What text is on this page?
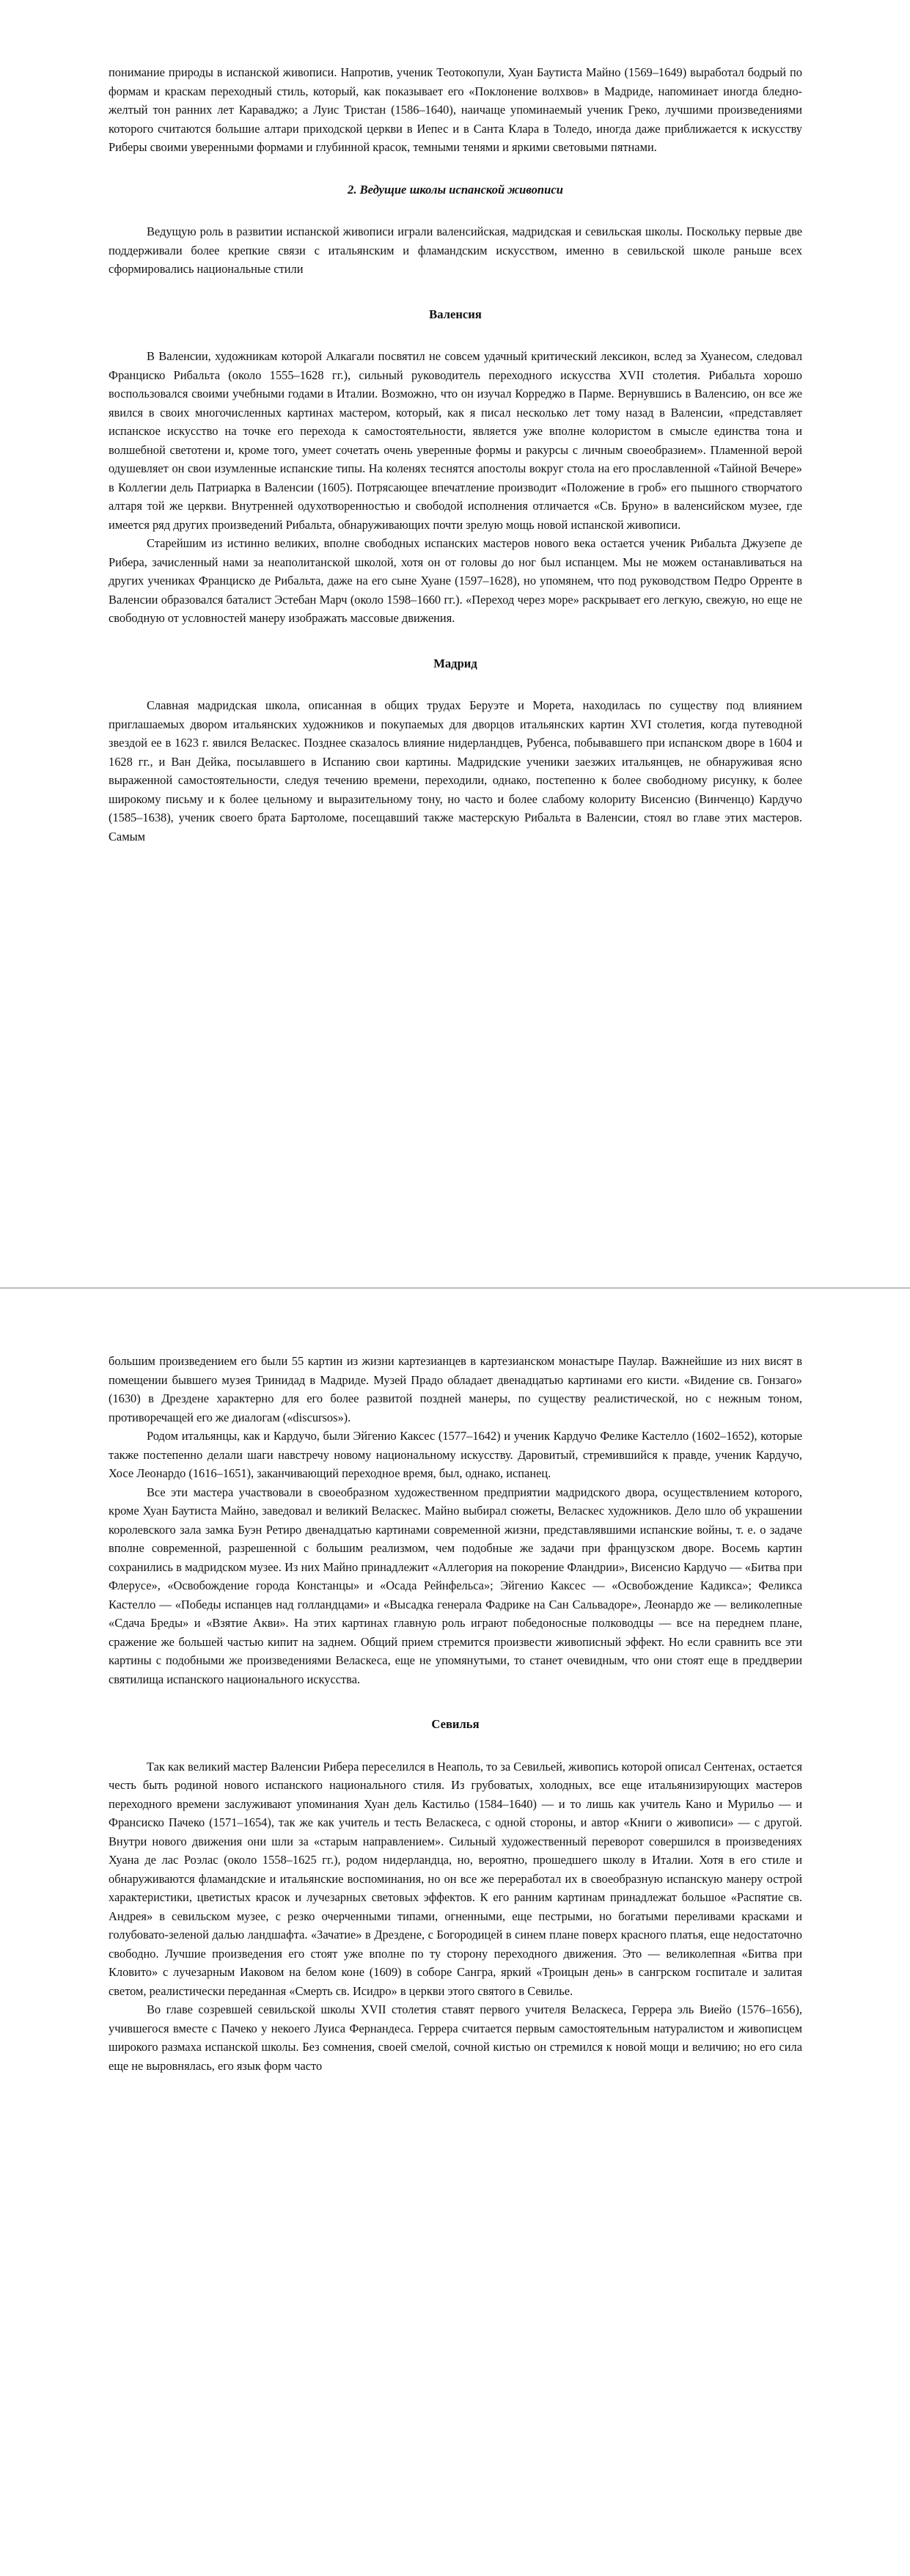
понимание природы в испанской живописи. Напротив, ученик Теотокопули, Хуан Баутиста Майно (1569–1649) выработал бодрый по формам и краскам переходный стиль, который, как показывает его «Поклонение волхвов» в Мадриде, напоминает иногда бледно-желтый тон ранних лет Караваджо; а Луис Тристан (1586–1640), наичаще упоминаемый ученик Греко, лучшими произведениями которого считаются большие алтари приходской церкви в Иепес и в Санта Клара в Толедо, иногда даже приближается к искусству Риберы своими уверенными формами и глубинной красок, темными тенями и яркими световыми пятнами.

2. Ведущие школы испанской живописи

Ведущую роль в развитии испанской живописи играли валенсийская, мадридская и севильская школы. Поскольку первые две поддерживали более крепкие связи с итальянским и фламандским искусством, именно в севильской школе раньше всех сформировались национальные стили

Валенсия

В Валенсии, художникам которой Алкагали посвятил не совсем удачный критический лексикон, вслед за Хуанесом, следовал Франциско Рибальта (около 1555–1628 гг.), сильный руководитель переходного искусства XVII столетия. Рибальта хорошо воспользовался своими учебными годами в Италии. Возможно, что он изучал Корреджо в Парме. Вернувшись в Валенсию, он все же явился в своих многочисленных картинах мастером, который, как я писал несколько лет тому назад в Валенсии, «представляет испанское искусство на точке его перехода к самостоятельности, является уже вполне колористом в смысле единства тона и волшебной светотени и, кроме того, умеет сочетать очень уверенные формы и ракурсы с личным своеобразием». Пламенной верой одушевляет он свои изумленные испанские типы. На коленях теснятся апостолы вокруг стола на его прославленной «Тайной Вечере» в Коллегии дель Патриарка в Валенсии (1605). Потрясающее впечатление производит «Положение в гроб» его пышного створчатого алтаря той же церкви. Внутренней одухотворенностью и свободой исполнения отличается «Св. Бруно» в валенсийском музее, где имеется ряд других произведений Рибальта, обнаруживающих почти зрелую мощь новой испанской живописи.

Старейшим из истинно великих, вполне свободных испанских мастеров нового века остается ученик Рибальта Джузепе де Рибера, зачисленный нами за неаполитанской школой, хотя он от головы до ног был испанцем. Мы не можем останавливаться на других учениках Франциско де Рибальта, даже на его сыне Хуане (1597–1628), но упомянем, что под руководством Педро Орренте в Валенсии образовался баталист Эстебан Марч (около 1598–1660 гг.). «Переход через море» раскрывает его легкую, свежую, но еще не свободную от условностей манеру изображать массовые движения.

Мадрид

Славная мадридская школа, описанная в общих трудах Беруэте и Морета, находилась по существу под влиянием приглашаемых двором итальянских художников и покупаемых для дворцов итальянских картин XVI столетия, когда путеводной звездой ее в 1623 г. явился Веласкес. Позднее сказалось влияние нидерландцев, Рубенса, побывавшего при испанском дворе в 1604 и 1628 гг., и Ван Дейка, посылавшего в Испанию свои картины. Мадридские ученики заезжих итальянцев, не обнаруживая ясно выраженной самостоятельности, следуя течению времени, переходили, однако, постепенно к более свободному рисунку, к более широкому письму и к более цельному и выразительному тону, но часто и более слабому колориту Висенсио (Винченцо) Кардучо (1585–1638), ученик своего брата Бартоломе, посещавший также мастерскую Рибальта в Валенсии, стоял во главе этих мастеров. Самым

большим произведением его были 55 картин из жизни картезианцев в картезианском монастыре Паулар. Важнейшие из них висят в помещении бывшего музея Тринидад в Мадриде. Музей Прадо обладает двенадцатью картинами его кисти. «Видение св. Гонзаго» (1630) в Дрездене характерно для его более развитой поздней манеры, по существу реалистической, но с нежным тоном, противоречащей его же диалогам («discursos»).

Родом итальянцы, как и Кардучо, были Эйгенио Каксес (1577–1642) и ученик Кардучо Фелике Кастелло (1602–1652), которые также постепенно делали шаги навстречу новому национальному искусству. Даровитый, стремившийся к правде, ученик Кардучо, Хосе Леонардо (1616–1651), заканчивающий переходное время, был, однако, испанец.

Все эти мастера участвовали в своеобразном художественном предприятии мадридского двора, осуществлением которого, кроме Хуан Баутиста Майно, заведовал и великий Веласкес. Майно выбирал сюжеты, Веласкес художников. Дело шло об украшении королевского зала замка Буэн Ретиро двенадцатью картинами современной жизни, представлявшими испанские войны, т. е. о задаче вполне современной, разрешенной с большим реализмом, чем подобные же задачи при французском дворе. Восемь картин сохранились в мадридском музее. Из них Майно принадлежит «Аллегория на покорение Фландрии», Висенсио Кардучо — «Битва при Флерусе», «Освобождение города Констанцы» и «Осада Рейнфельса»; Эйгенио Каксес — «Освобождение Кадикса»; Феликса Кастелло — «Победы испанцев над голландцами» и «Высадка генерала Фадрике на Сан Сальвадоре», Леонардо же — великолепные «Сдача Бреды» и «Взятие Акви». На этих картинах главную роль играют победоносные полководцы — все на переднем плане, сражение же большей частью кипит на заднем. Общий прием стремится произвести живописный эффект. Но если сравнить все эти картины с подобными же произведениями Веласкеса, еще не упомянутыми, то станет очевидным, что они стоят еще в преддверии святилища испанского национального искусства.

Севилья

Так как великий мастер Валенсии Рибера переселился в Неаполь, то за Севильей, живопись которой описал Сентенах, остается честь быть родиной нового испанского национального стиля. Из грубоватых, холодных, все еще итальянизирующих мастеров переходного времени заслуживают упоминания Хуан дель Кастильо (1584–1640) — и то лишь как учитель Кано и Мурильо — и Франсиско Пачеко (1571–1654), так же как учитель и тесть Веласкеса, с одной стороны, и автор «Книги о живописи» — с другой. Внутри нового движения они шли за «старым направлением». Сильный художественный переворот совершился в произведениях Хуана де лас Роэлас (около 1558–1625 гг.), родом нидерландца, но, вероятно, прошедшего школу в Италии. Хотя в его стиле и обнаруживаются фламандские и итальянские воспоминания, но он все же переработал их в своеобразную испанскую манеру острой характеристики, цветистых красок и лучезарных световых эффектов. К его ранним картинам принадлежат большое «Распятие св. Андрея» в севильском музее, с резко очерченными типами, огненными, еще пестрыми, но богатыми переливами красками и голубовато-зеленой далью ландшафта. «Зачатие» в Дрездене, с Богородицей в синем плане поверх красного платья, еще недостаточно свободно. Лучшие произведения его стоят уже вполне по ту сторону переходного движения. Это — великолепная «Битва при Кловито» с лучезарным Иаковом на белом коне (1609) в соборе Сангра, яркий «Троицын день» в сангрском госпитале и залитая светом, реалистически переданная «Смерть св. Исидро» в церкви этого святого в Севилье.

Во главе созревшей севильской школы XVII столетия ставят первого учителя Веласкеса, Геррера эль Виейо (1576–1656), учившегося вместе с Пачеко у некоего Луиса Фернандеса. Геррера считается первым самостоятельным натуралистом и живописцем широкого размаха испанской школы. Без сомнения, своей смелой, сочной кистью он стремился к новой мощи и величию; но его сила еще не выровнялась, его язык форм часто
